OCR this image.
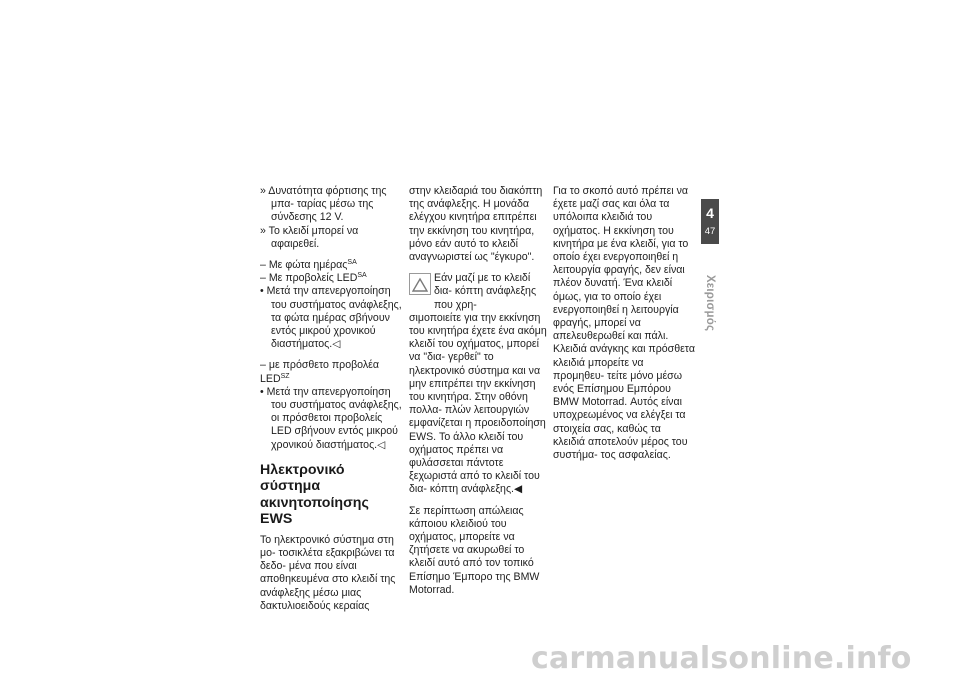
» Δυνατότητα φόρτισης της μπα- ταρίας μέσω της σύνδεσης 12 V.

» Το κλειδί μπορεί να αφαιρεθεί.

– Με φώτα ημέρας$^{SA}$

– Με προβολείς $LED^{SA}$

• Μετά την απενεργοποίηση του συστήματος ανάφλεξης, τα φώτα ημέρας σβήνουν εντός μικρού χρονικού διαστήματος.◁

– με πρόσθετο προβολέα $LED^{SZ}$

• Μετά την απενεργοποίηση του συστήματος ανάφλεξης, οι πρόσθετοι προβολείς LED σβήνουν εντός μικρού χρονικού διαστήματος.◁

Ηλεκτρονικό σύστημα ακινητοποίησης EWS

Το ηλεκτρονικό σύστημα στη μο- τοσικλέτα εξακριβώνει τα δεδο- μένα που είναι αποθηκευμένα στο κλειδί της ανάφλεξης μέσω μιας δακτυλιοειδούς κεραίας

στην κλειδαριά του διακόπτη της ανάφλεξης. Η μονάδα ελέγχου κινητήρα επιτρέπει την εκκίνηση του κινητήρα, μόνο εάν αυτό το κλειδί αναγνωριστεί ως "έγκυρο".

Εάν μαζί με το κλειδί δια- κόπτη ανάφλεξης που χρη-

σιμοποιείτε για την εκκίνηση του κινητήρα έχετε ένα ακόμη κλειδί του οχήματος, μπορεί να "δια- γερθεί" το ηλεκτρονικό σύστημα και να μην επιτρέπει την εκκίνηση του κινητήρα. Στην οθόνη πολλα- πλών λειτουργιών εμφανίζεται η προειδοποίηση EWS. Το άλλο κλειδί του οχήματος πρέπει να φυλάσσεται πάντοτε ξεχωριστά από το κλειδί του δια- κόπτη ανάφλεξης.◀

Σε περίπτωση απώλειας κάποιου κλειδιού του οχήματος, μπορείτε να ζητήσετε να ακυρωθεί το κλειδί αυτό από τον τοπικό Επίσημο Έμπορο της BMW Motorrad.

Για το σκοπό αυτό πρέπει να έχετε μαζί σας και όλα τα υπόλοιπα κλειδιά του οχήματος. Η εκκίνηση του κινητήρα με ένα κλειδί, για το οποίο έχει ενεργοποιηθεί η λειτουργία φραγής, δεν είναι πλέον δυνατή. Ένα κλειδί όμως, για το οποίο έχει ενεργοποιηθεί η λειτουργία φραγής, μπορεί να απελευθερωθεί και πάλι. Κλειδιά ανάγκης και πρόσθετα κλειδιά μπορείτε να προμηθευ- τείτε μόνο μέσω ενός Επίσημου Εμπόρου BMW Motorrad. Αυτός είναι υποχρεωμένος να ελέγξει τα στοιχεία σας, καθώς τα κλειδιά αποτελούν μέρος του συστήμα- τος ασφαλείας.

4
47
Χειρισμός
carmanualsonline.info
